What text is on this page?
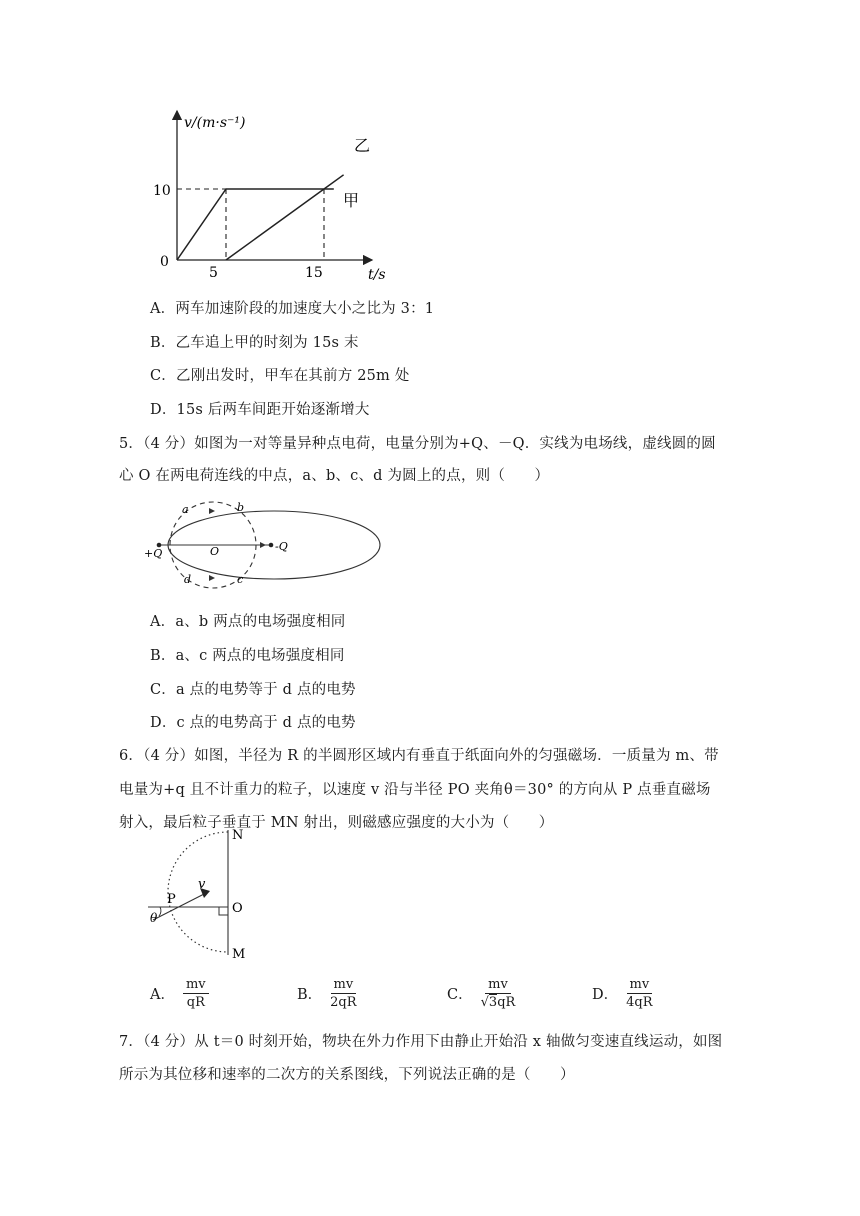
v/(m·s⁻¹)
t/s
0
10
5	15
甲
乙
A．两车加速阶段的加速度大小之比为 3：1
B．乙车追上甲的时刻为 15s 末
C．乙刚出发时，甲车在其前方 25m 处
D．15s 后两车间距开始逐渐增大
5．（4 分）如图为一对等量异种点电荷，电量分别为+Q、－Q．实线为电场线，虚线圆的圆
心 O 在两电荷连线的中点，a、b、c、d 为圆上的点，则（　　）
+Q
-Q
O
a	b
c
d
A．a、b 两点的电场强度相同
B．a、c 两点的电场强度相同
C．a 点的电势等于 d 点的电势
D．c 点的电势高于 d 点的电势
6．（4 分）如图，半径为 R 的半圆形区域内有垂直于纸面向外的匀强磁场．一质量为 m、带
电量为+q 且不计重力的粒子，以速度 v 沿与半径 PO 夹角θ＝30° 的方向从 P 点垂直磁场
射入，最后粒子垂直于 MN 射出，则磁感应强度的大小为（　　）
N
O
M
P
v
θ
A． $\frac{mv}{qR}$	B． $\frac{mv}{2qR}$	C． $\frac{mv}{√3qR}$	D． $\frac{mv}{4qR}$
7．（4 分）从 t＝0 时刻开始，物块在外力作用下由静止开始沿 x 轴做匀变速直线运动，如图
所示为其位移和速率的二次方的关系图线，下列说法正确的是（　　）
